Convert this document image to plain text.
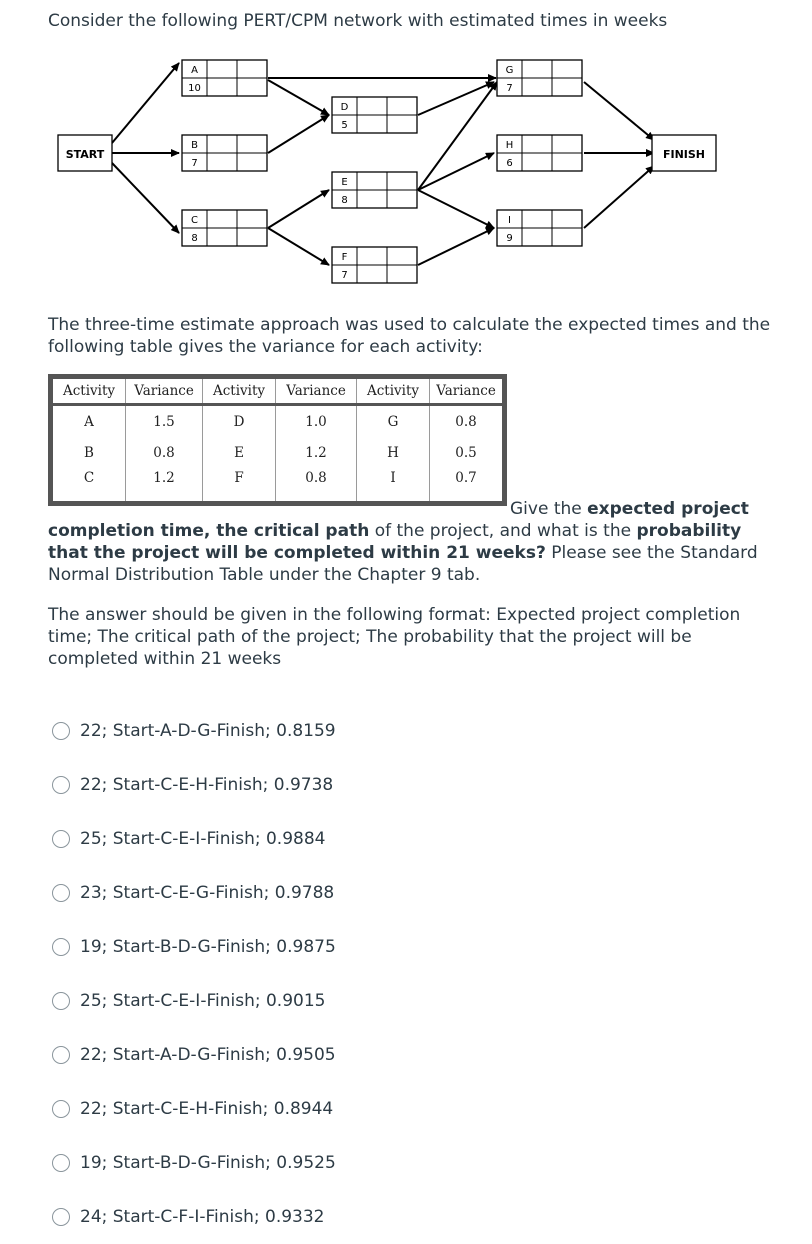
Consider the following PERT/CPM network with estimated times in weeks
START	FINISH
A
10
B
7
C
8
D
5
E
8
F
7
G
7
H
6
I
9
The three-time estimate approach was used to calculate the expected times and the following table gives the variance for each activity:
Activity	Variance	Activity	Variance	Activity	Variance
A	1.5	D	1.0	G	0.8
B	0.8	E	1.2	H	0.5
C	1.2	F	0.8	I	0.7
Give the expected project completion time, the critical path of the project, and what is the probability that the project will be completed within 21 weeks? Please see the Standard Normal Distribution Table under the Chapter 9 tab.
The answer should be given in the following format: Expected project completion time; The critical path of the project; The probability that the project will be completed within 21 weeks
22; Start-A-D-G-Finish; 0.8159
22; Start-C-E-H-Finish; 0.9738
25; Start-C-E-I-Finish; 0.9884
23; Start-C-E-G-Finish; 0.9788
19; Start-B-D-G-Finish; 0.9875
25; Start-C-E-I-Finish; 0.9015
22; Start-A-D-G-Finish; 0.9505
22; Start-C-E-H-Finish; 0.8944
19; Start-B-D-G-Finish; 0.9525
24; Start-C-F-I-Finish; 0.9332
